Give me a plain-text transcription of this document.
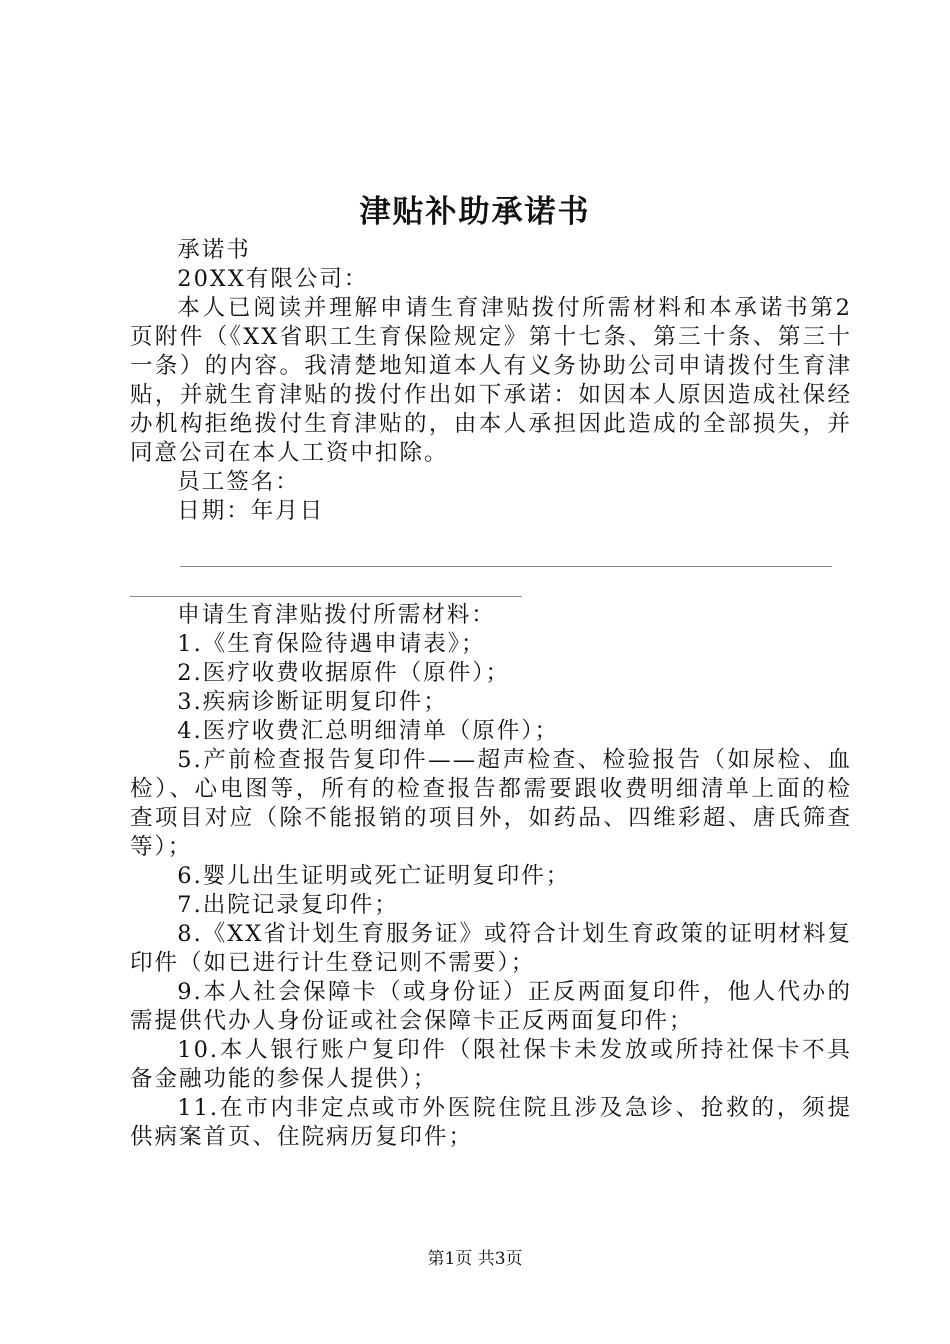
津贴补助承诺书

承诺书

20XX有限公司：

本人已阅读并理解申请生育津贴拨付所需材料和本承诺书第2页附件（《XX省职工生育保险规定》第十七条、第三十条、第三十一条）的内容。我清楚地知道本人有义务协助公司申请拨付生育津贴，并就生育津贴的拨付作出如下承诺：如因本人原因造成社保经办机构拒绝拨付生育津贴的，由本人承担因此造成的全部损失，并同意公司在本人工资中扣除。

员工签名：

日期：年月日

申请生育津贴拨付所需材料：

1.《生育保险待遇申请表》；

2.医疗收费收据原件（原件）；

3.疾病诊断证明复印件；

4.医疗收费汇总明细清单（原件）；

5.产前检查报告复印件——超声检查、检验报告（如尿检、血检）、心电图等，所有的检查报告都需要跟收费明细清单上面的检查项目对应（除不能报销的项目外，如药品、四维彩超、唐氏筛查等）；

6.婴儿出生证明或死亡证明复印件；

7.出院记录复印件；

8.《XX省计划生育服务证》或符合计划生育政策的证明材料复印件（如已进行计生登记则不需要）；

9.本人社会保障卡（或身份证）正反两面复印件，他人代办的需提供代办人身份证或社会保障卡正反两面复印件；

10.本人银行账户复印件（限社保卡未发放或所持社保卡不具备金融功能的参保人提供）；

11.在市内非定点或市外医院住院且涉及急诊、抢救的，须提供病案首页、住院病历复印件；

第1页 共3页
